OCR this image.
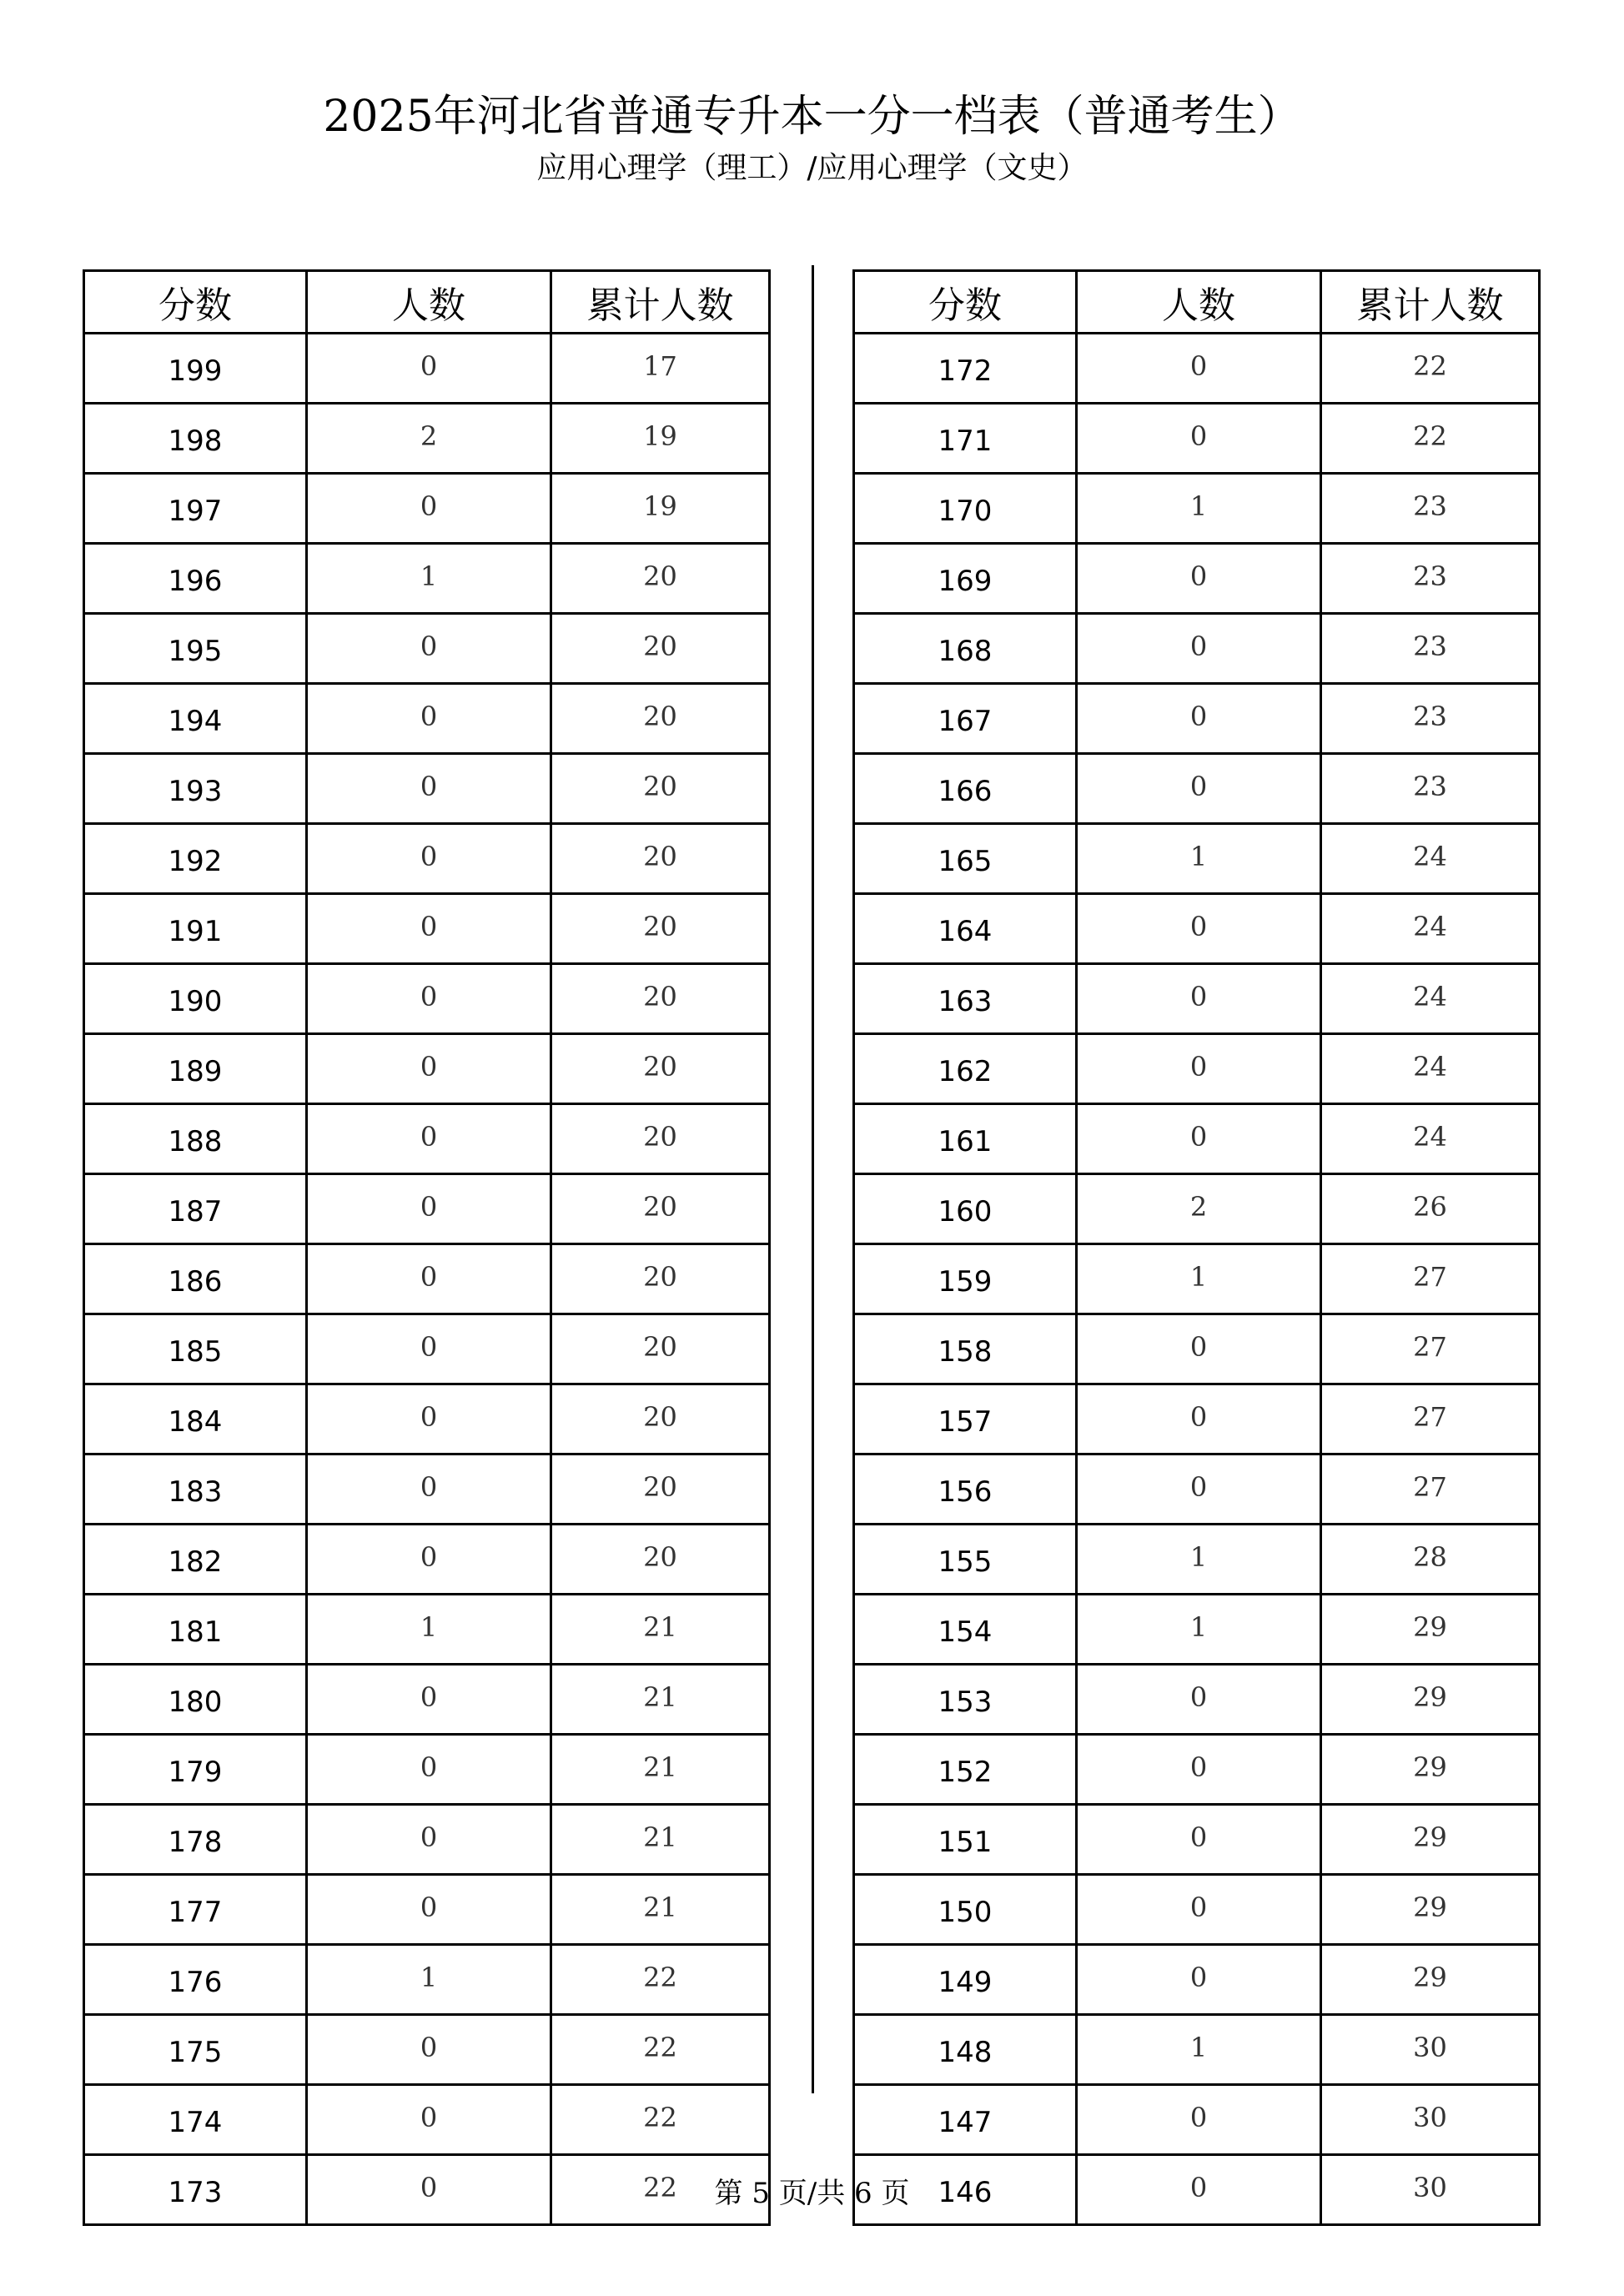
2025年河北省普通专升本一分一档表（普通考生）
应用心理学（理工）/应用心理学（文史）
分数	人数	累计人数
199	0	17
198	2	19
197	0	19
196	1	20
195	0	20
194	0	20
193	0	20
192	0	20
191	0	20
190	0	20
189	0	20
188	0	20
187	0	20
186	0	20
185	0	20
184	0	20
183	0	20
182	0	20
181	1	21
180	0	21
179	0	21
178	0	21
177	0	21
176	1	22
175	0	22
174	0	22
173	0	22
分数	人数	累计人数
172	0	22
171	0	22
170	1	23
169	0	23
168	0	23
167	0	23
166	0	23
165	1	24
164	0	24
163	0	24
162	0	24
161	0	24
160	2	26
159	1	27
158	0	27
157	0	27
156	0	27
155	1	28
154	1	29
153	0	29
152	0	29
151	0	29
150	0	29
149	0	29
148	1	30
147	0	30
146	0	30
第 5 页/共 6 页
